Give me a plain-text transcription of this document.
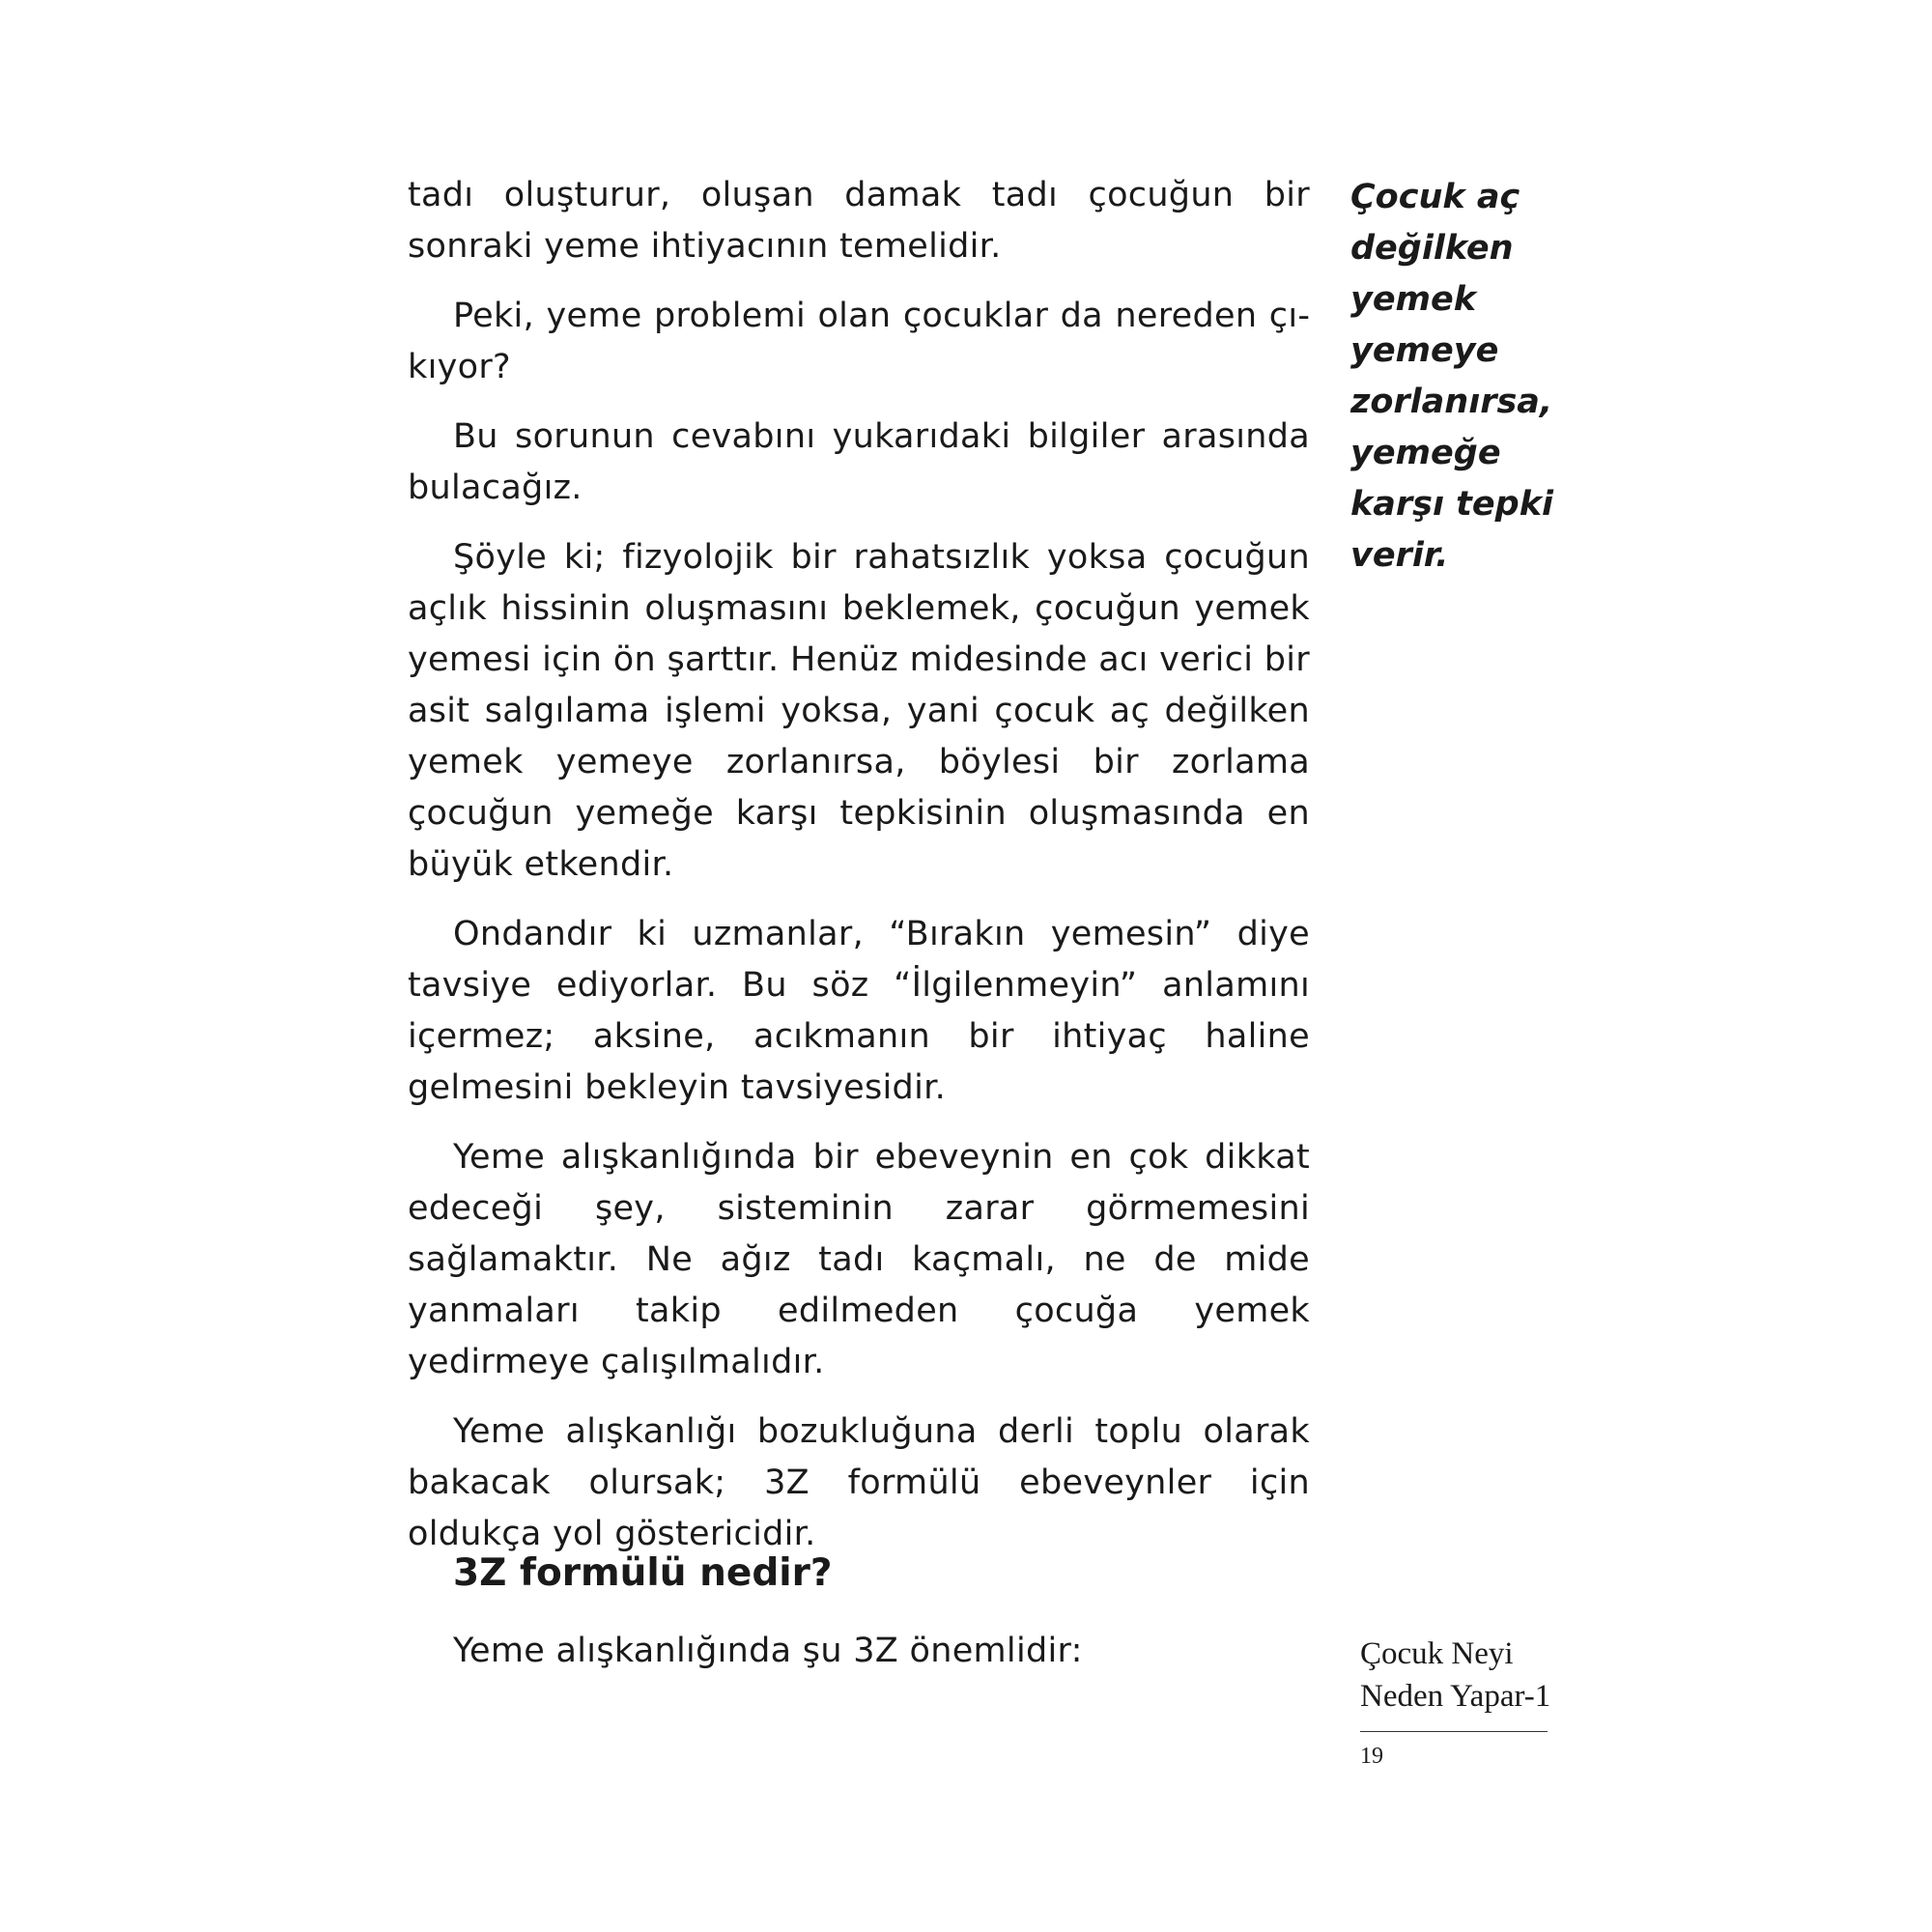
tadı oluşturur, oluşan damak tadı çocuğun bir sonraki yeme ihtiyacının temelidir.

Peki, yeme problemi olan çocuklar da nereden çıkıyor?

Bu sorunun cevabını yukarıdaki bilgiler arasında bulacağız.

Şöyle ki; fizyolojik bir rahatsızlık yoksa çocuğun açlık hissinin oluşmasını beklemek, çocuğun yemek yemesi için ön şarttır. Henüz midesinde acı verici bir asit salgılama işlemi yoksa, yani çocuk aç değilken yemek yemeye zorlanırsa, böylesi bir zorlama çocuğun yemeğe karşı tepkisinin oluşmasında en büyük etkendir.

Ondandır ki uzmanlar, “Bırakın yemesin” diye tavsiye ediyorlar. Bu söz “İlgilenmeyin” anlamını içermez; aksine, acıkmanın bir ihtiyaç haline gelmesini bekleyin tavsiyesidir.

Yeme alışkanlığında bir ebeveynin en çok dikkat edeceği şey, sisteminin zarar görmemesini sağlamaktır. Ne ağız tadı kaçmalı, ne de mide yanmaları takip edilmeden çocuğa yemek yedirmeye çalışılmalıdır.

Yeme alışkanlığı bozukluğuna derli toplu olarak bakacak olursak; 3Z formülü ebeveynler için oldukça yol göstericidir.

3Z formülü nedir?

Yeme alışkanlığında şu 3Z önemlidir:

Çocuk aç
değilken
yemek
yemeye
zorlanırsa,
yemeğe
karşı tepki
verir.
Çocuk Neyi
Neden Yapar-1
19
